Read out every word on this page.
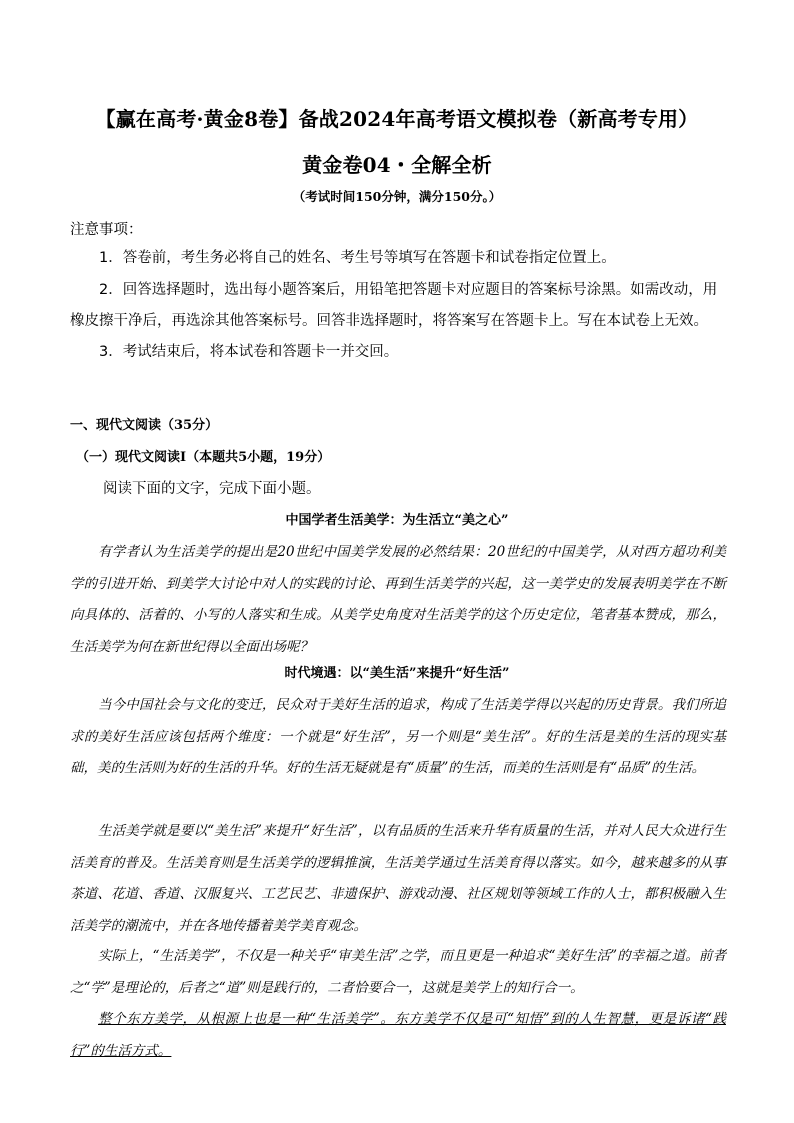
【赢在高考·黄金8卷】备战2024年高考语文模拟卷（新高考专用）
黄金卷04・全解全析
（考试时间150分钟，满分150分。）

注意事项：

1．答卷前，考生务必将自己的姓名、考生号等填写在答题卡和试卷指定位置上。

2．回答选择题时，选出每小题答案后，用铅笔把答题卡对应题目的答案标号涂黑。如需改动，用橡皮擦干净后，再选涂其他答案标号。回答非选择题时，将答案写在答题卡上。写在本试卷上无效。

3．考试结束后，将本试卷和答题卡一并交回。

一、现代文阅读（35分）
（一）现代文阅读Ⅰ（本题共5小题，19分）
阅读下面的文字，完成下面小题。
中国学者生活美学：为生活立“美之心”

有学者认为生活美学的提出是20世纪中国美学发展的必然结果：20世纪的中国美学，从对西方超功利美学的引进开始、到美学大讨论中对人的实践的讨论、再到生活美学的兴起，这一美学史的发展表明美学在不断向具体的、活着的、小写的人落实和生成。从美学史角度对生活美学的这个历史定位，笔者基本赞成，那么，生活美学为何在新世纪得以全面出场呢？

时代境遇：以“美生活”来提升“好生活”

当今中国社会与文化的变迁，民众对于美好生活的追求，构成了生活美学得以兴起的历史背景。我们所追求的美好生活应该包括两个维度：一个就是“好生活”，另一个则是“美生活”。好的生活是美的生活的现实基础，美的生活则为好的生活的升华。好的生活无疑就是有“质量”的生活，而美的生活则是有“品质”的生活。

生活美学就是要以“美生活”来提升“好生活”，以有品质的生活来升华有质量的生活，并对人民大众进行生活美育的普及。生活美育则是生活美学的逻辑推演，生活美学通过生活美育得以落实。如今，越来越多的从事茶道、花道、香道、汉服复兴、工艺民艺、非遗保护、游戏动漫、社区规划等领域工作的人士，都积极融入生活美学的潮流中，并在各地传播着美学美育观念。

实际上，“生活美学”，不仅是一种关乎“审美生活”之学，而且更是一种追求“美好生活”的幸福之道。前者之“学”是理论的，后者之“道”则是践行的，二者恰要合一，这就是美学上的知行合一。

整个东方美学，从根源上也是一种“生活美学”。东方美学不仅是可“知悟”到的人生智慧，更是诉诸“践行”的生活方式。
